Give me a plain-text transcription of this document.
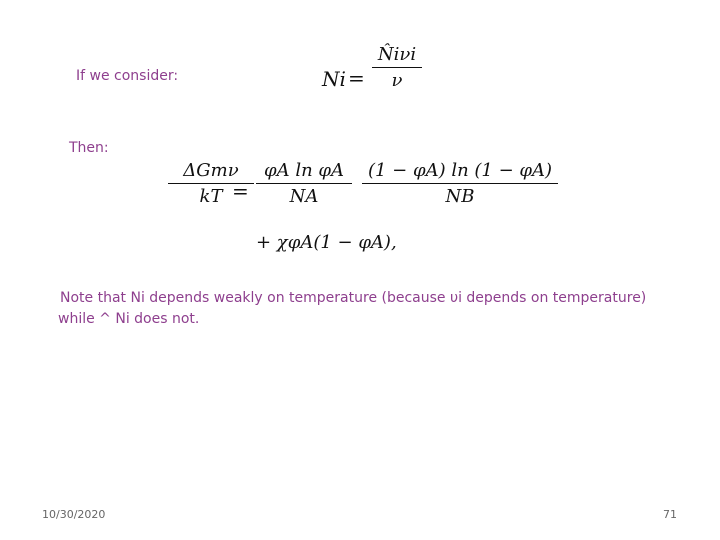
If we consider:	Ni =
N̂iνi
ν
Then:
ΔGmν
kT =
φA ln φA
NA
(1 − φA) ln (1 − φA)
NB
+ χφA(1 − φA),
Note that Ni depends weakly on temperature (because υi depends on temperature)
while ^ Ni does not.
10/30/2020	71
